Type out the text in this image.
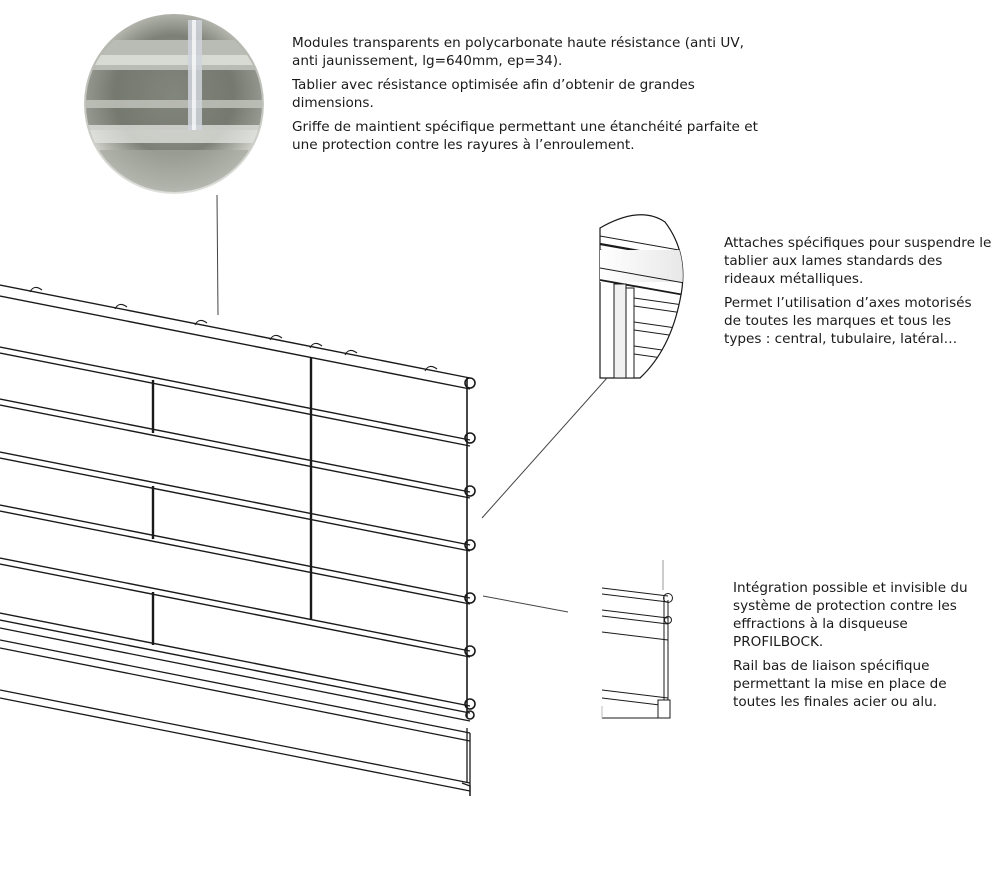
Modules transparents en polycarbonate haute résistance (anti UV, anti jaunissement, lg=640mm, ep=34).

Tablier avec résistance optimisée afin d’obtenir de grandes dimensions.

Griffe de maintient spécifique permettant une étanchéité parfaite et une protection contre les rayures à l’enroulement.

Attaches spécifiques pour suspendre le tablier aux lames standards des rideaux métalliques.

Permet l’utilisation d’axes motorisés de toutes les marques et tous les types : central, tubulaire, latéral…

Intégration possible et invisible du système de protection contre les effractions à la disqueuse PROFILBOCK.

Rail bas de liaison spécifique permettant la mise en place de toutes les finales acier ou alu.
